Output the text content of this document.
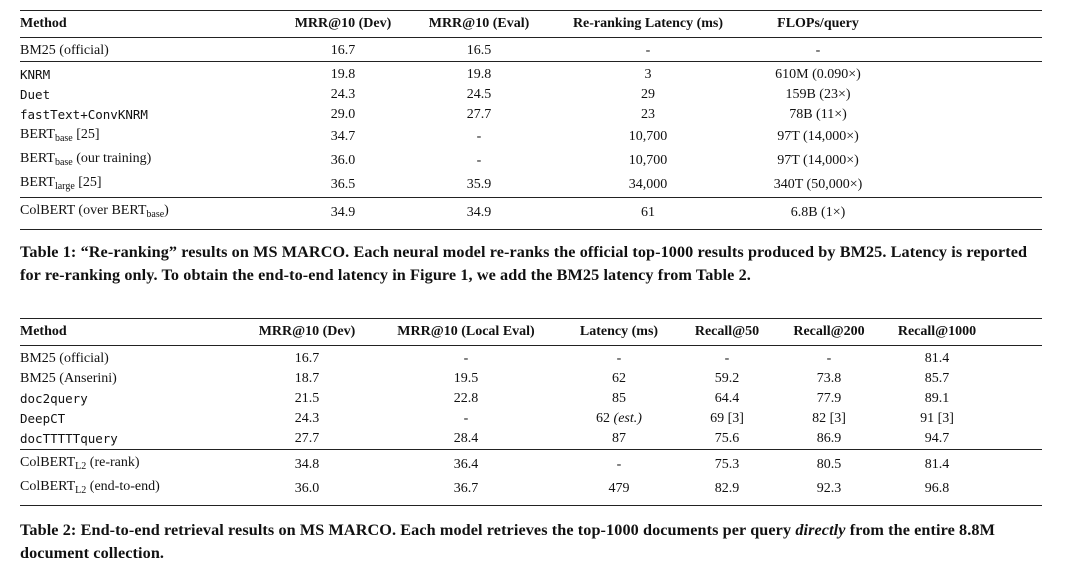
Method	MRR@10 (Dev)	MRR@10 (Eval)	Re-ranking Latency (ms)	FLOPs/query	
BM25 (official)	16.7	16.5	-	-	
KNRM	19.8	19.8	3	610M (0.090×)	
Duet	24.3	24.5	29	159B (23×)	
fastText+ConvKNRM	29.0	27.7	23	78B (11×)	
$BERT_{base}$ [25]	34.7	-	10,700	97T (14,000×)	
$BERT_{base}$ (our training)	36.0	-	10,700	97T (14,000×)	
$BERT_{large}$ [25]	36.5	35.9	34,000	340T (50,000×)	
ColBERT (over $BERT_{base}$)	34.9	34.9	61	6.8B (1×)	
Table 1: “Re-ranking” results on MS MARCO. Each neural model re-ranks the official top-1000 results produced by BM25. Latency is reported for re-ranking only. To obtain the end-to-end latency in Figure 1, we add the BM25 latency from Table 2.
Method	MRR@10 (Dev)	MRR@10 (Local Eval)	Latency (ms)	Recall@50	Recall@200	Recall@1000	
BM25 (official)	16.7	-	-	-	-	81.4	
BM25 (Anserini)	18.7	19.5	62	59.2	73.8	85.7	
doc2query	21.5	22.8	85	64.4	77.9	89.1	
DeepCT	24.3	-	62 (est.)	69 [3]	82 [3]	91 [3]	
docTTTTTquery	27.7	28.4	87	75.6	86.9	94.7	
ColBERT$_{L2}$ (re-rank)	34.8	36.4	-	75.3	80.5	81.4	
ColBERT$_{L2}$ (end-to-end)	36.0	36.7	479	82.9	92.3	96.8	
Table 2: End-to-end retrieval results on MS MARCO. Each model retrieves the top-1000 documents per query directly from the entire 8.8M document collection.
